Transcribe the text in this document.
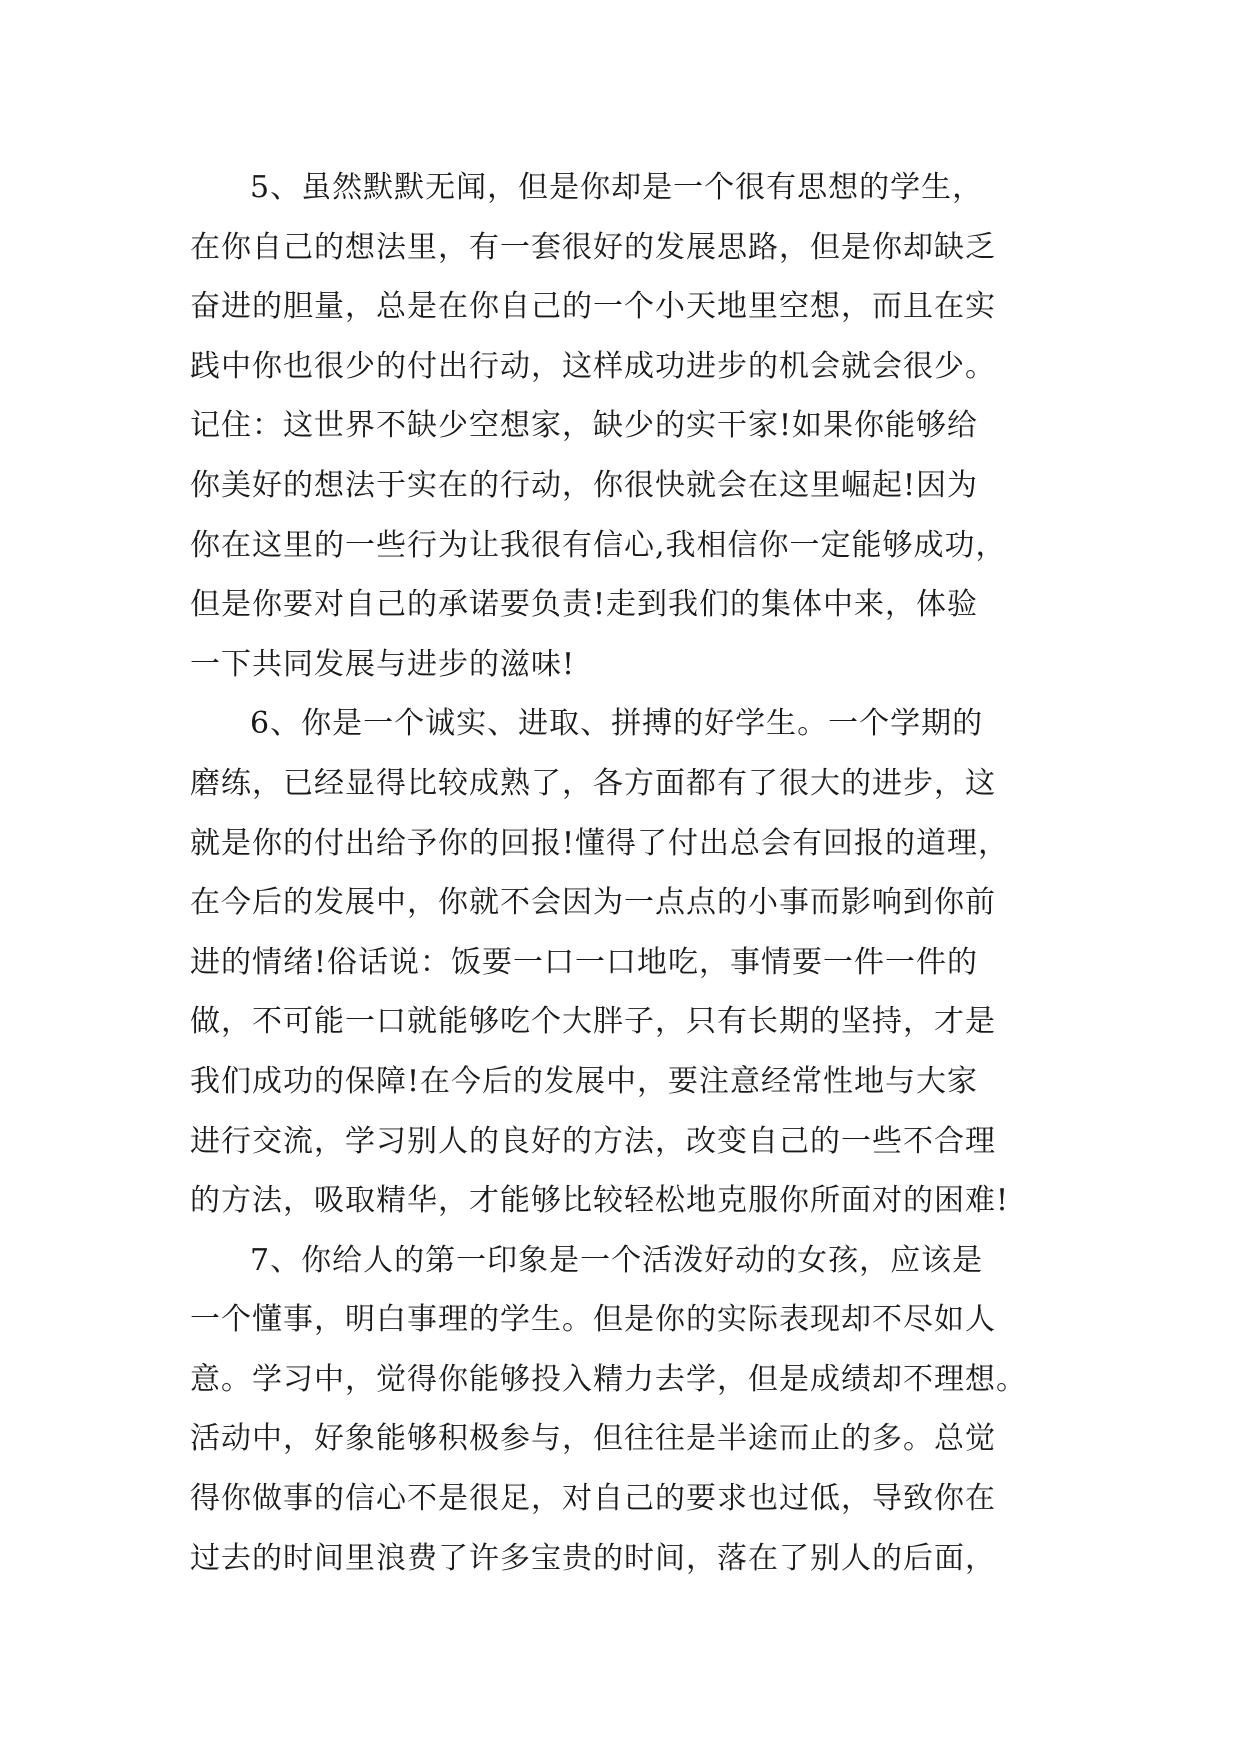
5、虽然默默无闻，但是你却是一个很有思想的学生，
在你自己的想法里，有一套很好的发展思路，但是你却缺乏
奋进的胆量，总是在你自己的一个小天地里空想，而且在实
践中你也很少的付出行动，这样成功进步的机会就会很少。
记住：这世界不缺少空想家，缺少的实干家!如果你能够给
你美好的想法于实在的行动，你很快就会在这里崛起!因为
你在这里的一些行为让我很有信心,我相信你一定能够成功，
但是你要对自己的承诺要负责!走到我们的集体中来，体验
一下共同发展与进步的滋味!
6、你是一个诚实、进取、拼搏的好学生。一个学期的
磨练，已经显得比较成熟了，各方面都有了很大的进步，这
就是你的付出给予你的回报!懂得了付出总会有回报的道理，
在今后的发展中，你就不会因为一点点的小事而影响到你前
进的情绪!俗话说：饭要一口一口地吃，事情要一件一件的
做，不可能一口就能够吃个大胖子，只有长期的坚持，才是
我们成功的保障!在今后的发展中，要注意经常性地与大家
进行交流，学习别人的良好的方法，改变自己的一些不合理
的方法，吸取精华，才能够比较轻松地克服你所面对的困难!
7、你给人的第一印象是一个活泼好动的女孩，应该是
一个懂事，明白事理的学生。但是你的实际表现却不尽如人
意。学习中，觉得你能够投入精力去学，但是成绩却不理想。
活动中，好象能够积极参与，但往往是半途而止的多。总觉
得你做事的信心不是很足，对自己的要求也过低，导致你在
过去的时间里浪费了许多宝贵的时间，落在了别人的后面，
